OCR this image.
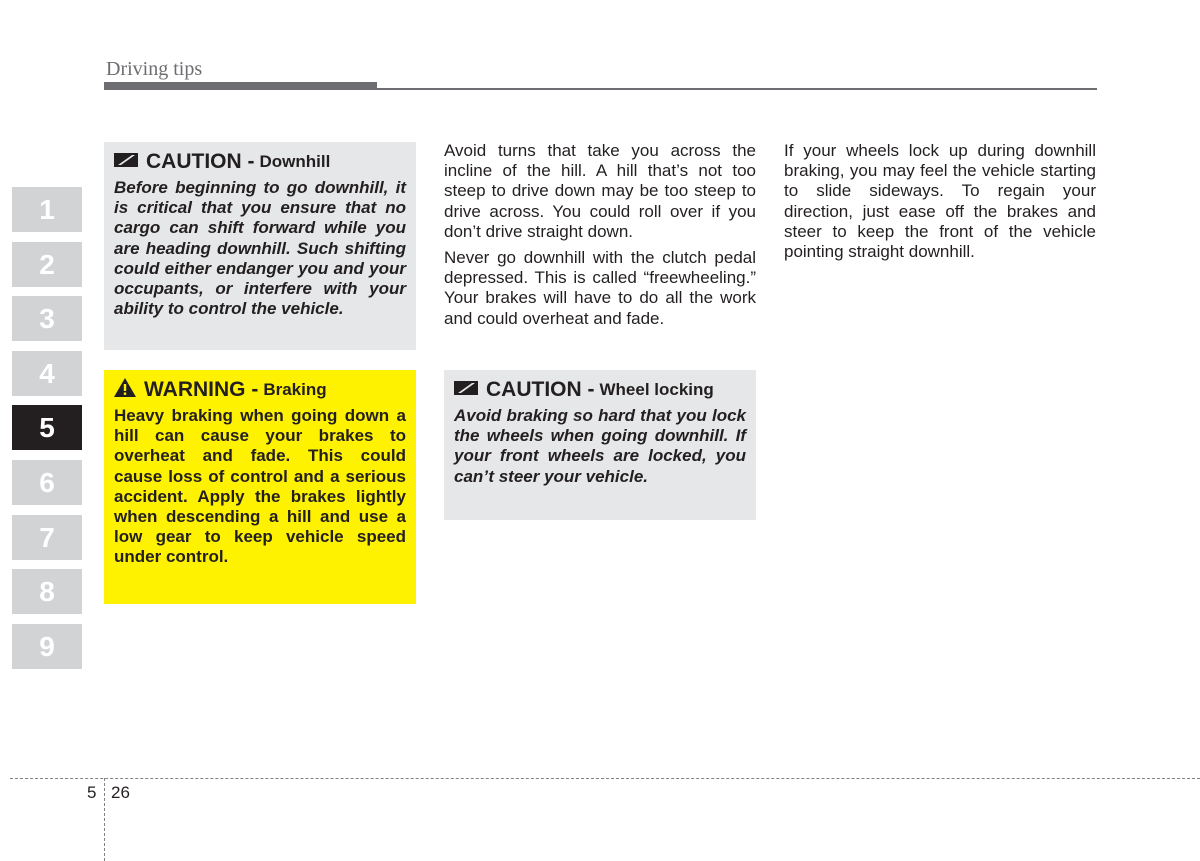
Driving tips
1
2
3
4
5
6
7
8
9
CAUTION - Downhill
Before beginning to go downhill, it is critical that you ensure that no cargo can shift forward while you are heading downhill. Such shifting could either endanger you and your occupants, or interfere with your ability to control the vehicle.
WARNING - Braking
Heavy braking when going down a hill can cause your brakes to overheat and fade. This could cause loss of control and a serious accident. Apply the brakes lightly when descending a hill and use a low gear to keep vehicle speed under control.

Avoid turns that take you across the incline of the hill. A hill that’s not too steep to drive down may be too steep to drive across. You could roll over if you don’t drive straight down.

Never go downhill with the clutch pedal depressed. This is called “freewheeling.” Your brakes will have to do all the work and could overheat and fade.

CAUTION - Wheel locking
Avoid braking so hard that you lock the wheels when going downhill. If your front wheels are locked, you can’t steer your vehicle.

If your wheels lock up during downhill braking, you may feel the vehicle starting to slide sideways. To regain your direction, just ease off the brakes and steer to keep the front of the vehicle pointing straight downhill.

5 26
